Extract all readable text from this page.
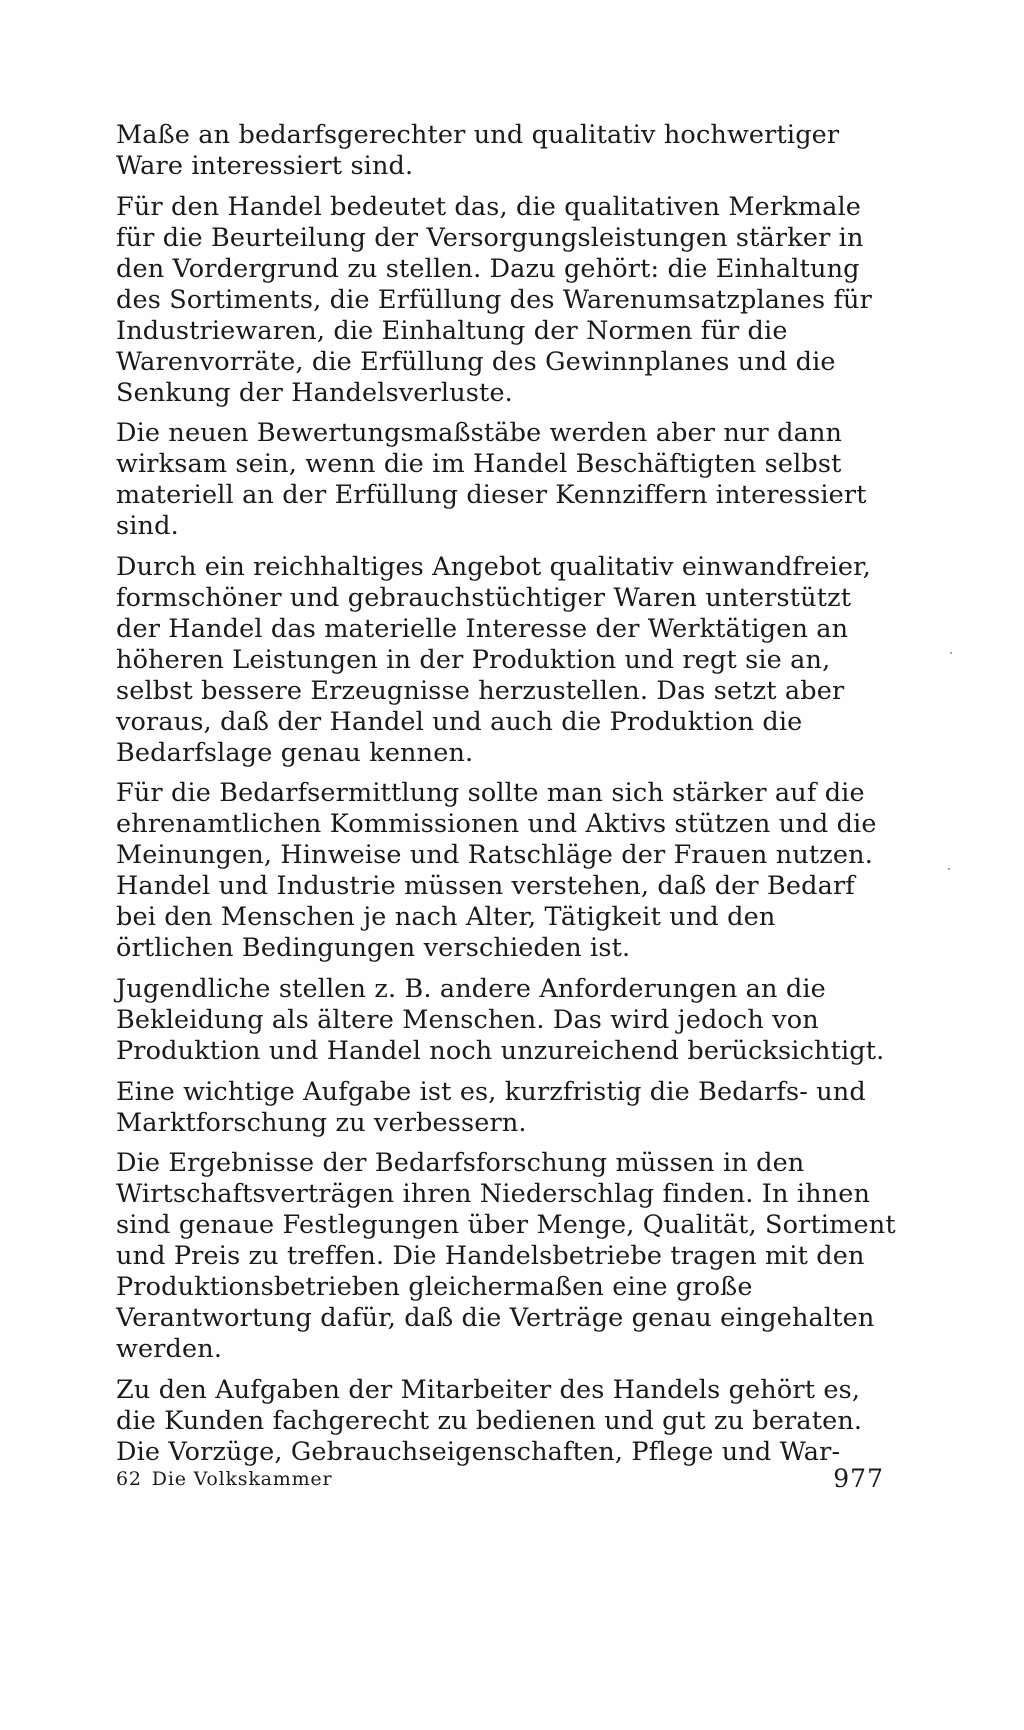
Maße an bedarfsgerechter und qualitativ hochwertiger Ware interessiert sind.

Für den Handel bedeutet das, die qualitativen Merkmale für die Beurteilung der Versorgungsleistungen stärker in den Vordergrund zu stellen. Dazu gehört: die Einhaltung des Sortiments, die Erfüllung des Warenumsatzplanes für Industriewaren, die Einhaltung der Normen für die Warenvorräte, die Erfüllung des Gewinnplanes und die Senkung der Handelsverluste.

Die neuen Bewertungsmaßstäbe werden aber nur dann wirksam sein, wenn die im Handel Beschäftigten selbst materiell an der Erfüllung dieser Kennziffern interessiert sind.

Durch ein reichhaltiges Angebot qualitativ einwandfreier, formschöner und gebrauchstüchtiger Waren unterstützt der Handel das materielle Interesse der Werktätigen an höheren Leistungen in der Produktion und regt sie an, selbst bessere Erzeugnisse herzustellen. Das setzt aber voraus, daß der Handel und auch die Produktion die Bedarfslage genau kennen.

Für die Bedarfsermittlung sollte man sich stärker auf die ehrenamtlichen Kommissionen und Aktivs stützen und die Meinungen, Hinweise und Ratschläge der Frauen nutzen. Handel und Industrie müssen verstehen, daß der Bedarf bei den Menschen je nach Alter, Tätigkeit und den örtlichen Bedingungen verschieden ist.

Jugendliche stellen z. B. andere Anforderungen an die Bekleidung als ältere Menschen. Das wird jedoch von Produktion und Handel noch unzureichend berücksichtigt.

Eine wichtige Aufgabe ist es, kurzfristig die Bedarfs- und Marktforschung zu verbessern.

Die Ergebnisse der Bedarfsforschung müssen in den Wirtschaftsverträgen ihren Niederschlag finden. In ihnen sind genaue Festlegungen über Menge, Qualität, Sortiment und Preis zu treffen. Die Handelsbetriebe tragen mit den Produktionsbetrieben gleichermaßen eine große Verantwortung dafür, daß die Verträge genau eingehalten werden.

Zu den Aufgaben der Mitarbeiter des Handels gehört es, die Kunden fachgerecht zu bedienen und gut zu beraten. Die Vorzüge, Gebrauchseigenschaften, Pflege und War-

62 Die Volkskammer	977
